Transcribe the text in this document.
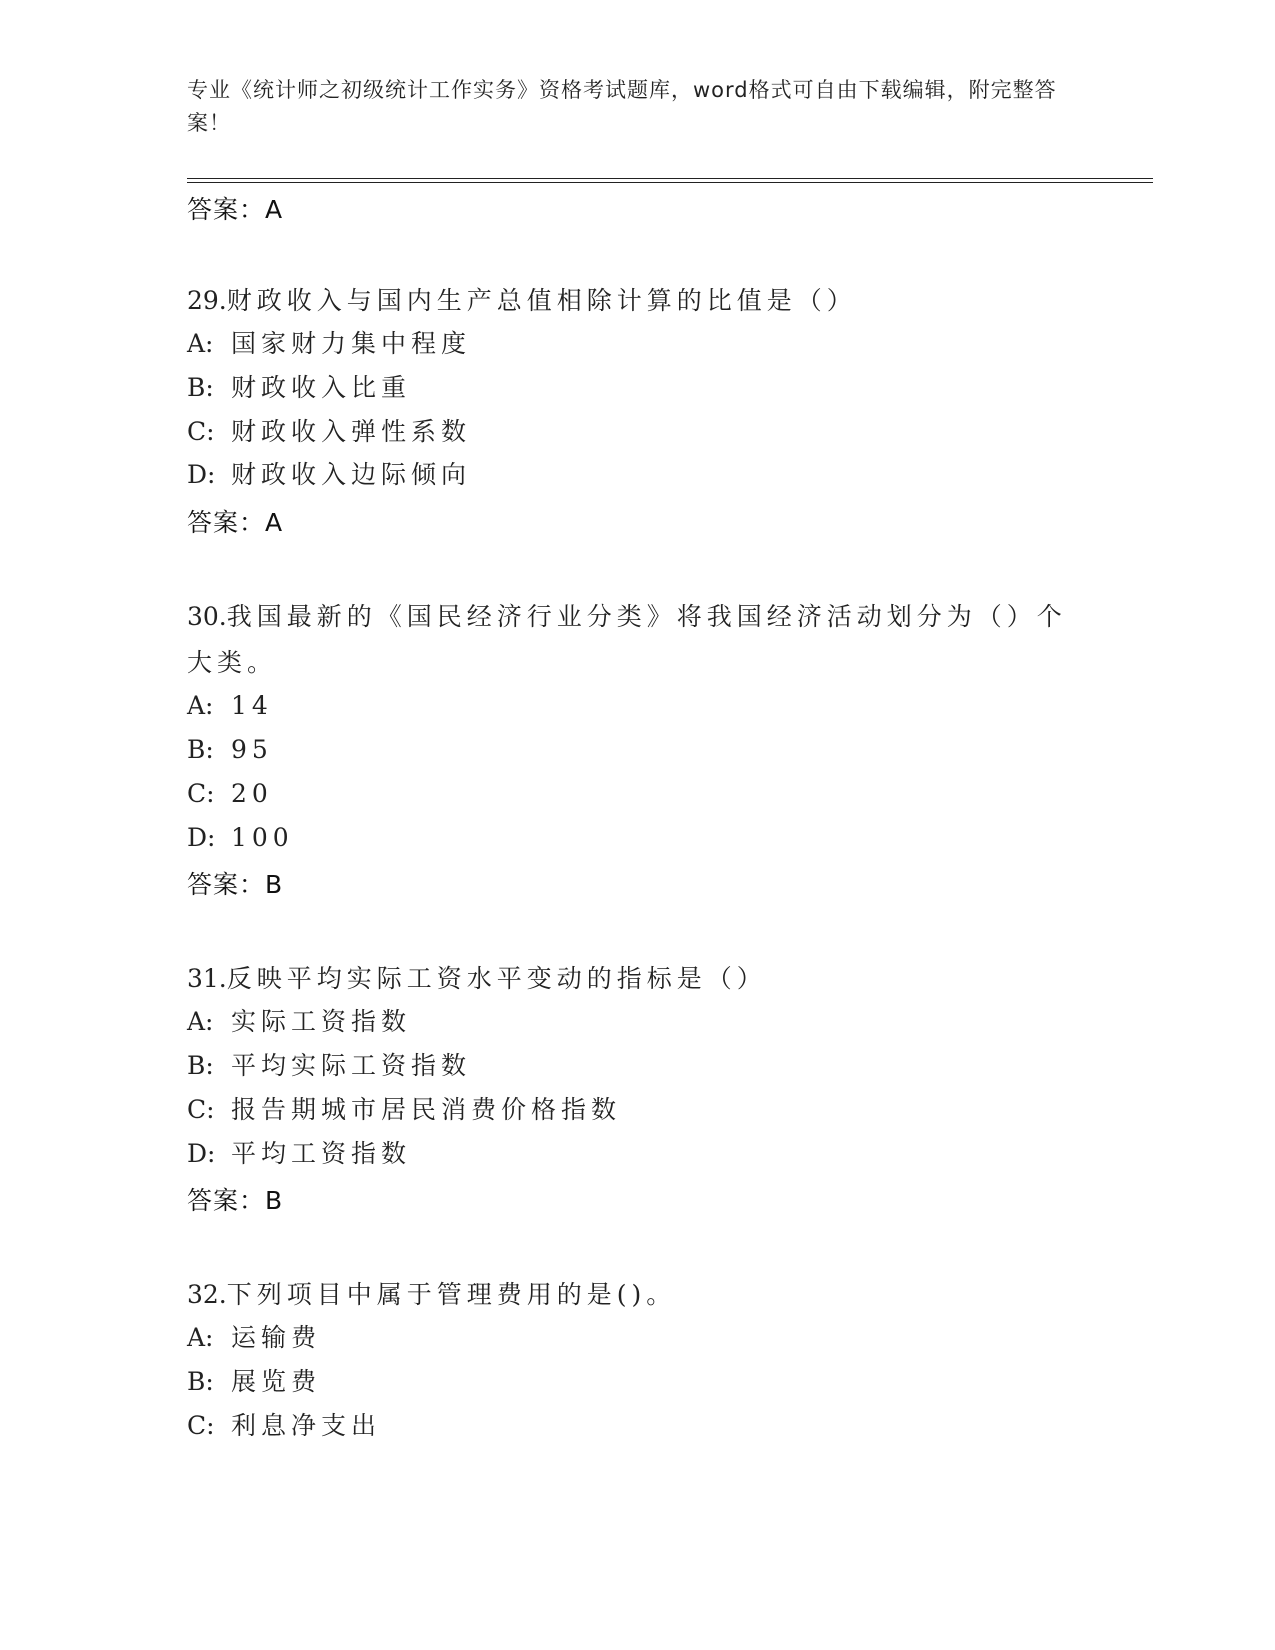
专业《统计师之初级统计工作实务》资格考试题库，word格式可自由下载编辑，附完整答案！
答案：A
29.财政收入与国内生产总值相除计算的比值是（）
A: 国家财力集中程度
B: 财政收入比重
C: 财政收入弹性系数
D: 财政收入边际倾向
答案：A
30.我国最新的《国民经济行业分类》将我国经济活动划分为（）个大类。
A: 14
B: 95
C: 20
D: 100
答案：B
31.反映平均实际工资水平变动的指标是（）
A: 实际工资指数
B: 平均实际工资指数
C: 报告期城市居民消费价格指数
D: 平均工资指数
答案：B
32.下列项目中属于管理费用的是()。
A: 运输费
B: 展览费
C: 利息净支出
